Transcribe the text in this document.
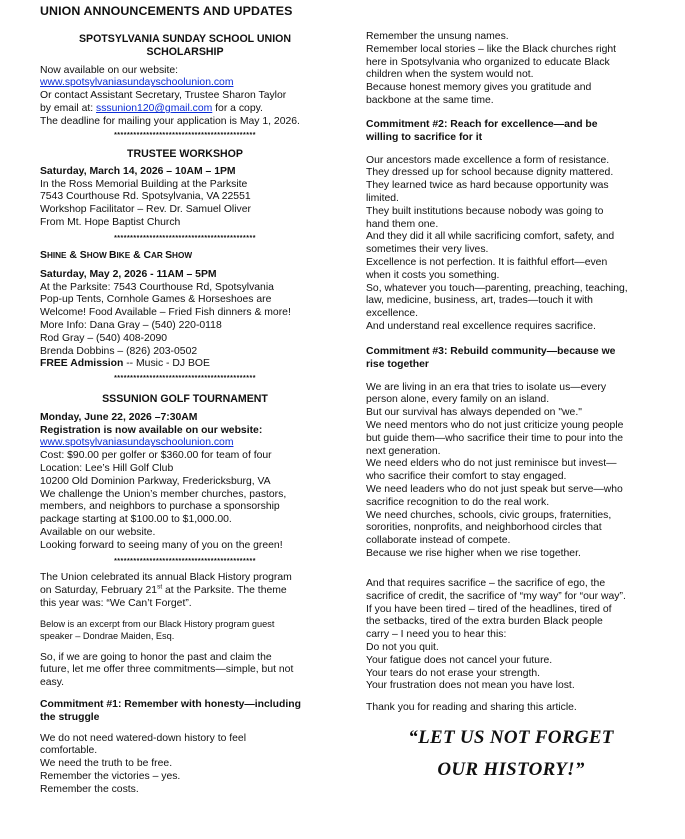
UNION ANNOUNCEMENTS AND UPDATES
SPOTSYLVANIA SUNDAY SCHOOL UNION
SCHOLARSHIP
Now available on our website:
www.spotsylvaniasundayschoolunion.com
Or contact Assistant Secretary, Trustee Sharon Taylor
by email at: sssunion120@gmail.com for a copy.
The deadline for mailing your application is May 1, 2026.
********************************************
TRUSTEE WORKSHOP
Saturday, March 14, 2026 – 10AM – 1PM
In the Ross Memorial Building at the Parksite
7543 Courthouse Rd. Spotsylvania, VA 22551
Workshop Facilitator – Rev. Dr. Samuel Oliver
From Mt. Hope Baptist Church
********************************************
SHINE & SHOW BIKE & CAR SHOW
Saturday, May 2, 2026 - 11AM – 5PM
At the Parksite: 7543 Courthouse Rd, Spotsylvania
Pop-up Tents, Cornhole Games & Horseshoes are
Welcome! Food Available – Fried Fish dinners & more!
More Info: Dana Gray – (540) 220-0118
Rod Gray – (540) 408-2090
Brenda Dobbins – (826) 203-0502
FREE Admission -- Music - DJ BOE
********************************************
SSSUNION GOLF TOURNAMENT
Monday, June 22, 2026 –7:30AM
Registration is now available on our website:
www.spotsylvaniasundayschoolunion.com
Cost: $90.00 per golfer or $360.00 for team of four
Location: Lee’s Hill Golf Club
10200 Old Dominion Parkway, Fredericksburg, VA
We challenge the Union’s member churches, pastors,
members, and neighbors to purchase a sponsorship
package starting at $100.00 to $1,000.00.
Available on our website.
Looking forward to seeing many of you on the green!
********************************************
The Union celebrated its annual Black History program
on Saturday, February 21st at the Parksite. The theme
this year was: “We Can’t Forget”.
Below is an excerpt from our Black History program guest
speaker – Dondrae Maiden, Esq.
So, if we are going to honor the past and claim the
future, let me offer three commitments—simple, but not
easy.
Commitment #1: Remember with honesty—including
the struggle
We do not need watered-down history to feel
comfortable.
We need the truth to be free.
Remember the victories – yes.
Remember the costs.
Remember the unsung names.
Remember local stories – like the Black churches right
here in Spotsylvania who organized to educate Black
children when the system would not.
Because honest memory gives you gratitude and
backbone at the same time.
Commitment #2: Reach for excellence—and be
willing to sacrifice for it
Our ancestors made excellence a form of resistance.
They dressed up for school because dignity mattered.
They learned twice as hard because opportunity was
limited.
They built institutions because nobody was going to
hand them one.
And they did it all while sacrificing comfort, safety, and
sometimes their very lives.
Excellence is not perfection. It is faithful effort—even
when it costs you something.
So, whatever you touch—parenting, preaching, teaching,
law, medicine, business, art, trades—touch it with
excellence.
And understand real excellence requires sacrifice.
Commitment #3: Rebuild community—because we
rise together
We are living in an era that tries to isolate us—every
person alone, every family on an island.
But our survival has always depended on "we."
We need mentors who do not just criticize young people
but guide them—who sacrifice their time to pour into the
next generation.
We need elders who do not just reminisce but invest—
who sacrifice their comfort to stay engaged.
We need leaders who do not just speak but serve—who
sacrifice recognition to do the real work.
We need churches, schools, civic groups, fraternities,
sororities, nonprofits, and neighborhood circles that
collaborate instead of compete.
Because we rise higher when we rise together.
And that requires sacrifice – the sacrifice of ego, the
sacrifice of credit, the sacrifice of “my way” for “our way”.
If you have been tired – tired of the headlines, tired of
the setbacks, tired of the extra burden Black people
carry – I need you to hear this:
Do not you quit.
Your fatigue does not cancel your future.
Your tears do not erase your strength.
Your frustration does not mean you have lost.
Thank you for reading and sharing this article.
“LET US NOT FORGET
OUR HISTORY!”
